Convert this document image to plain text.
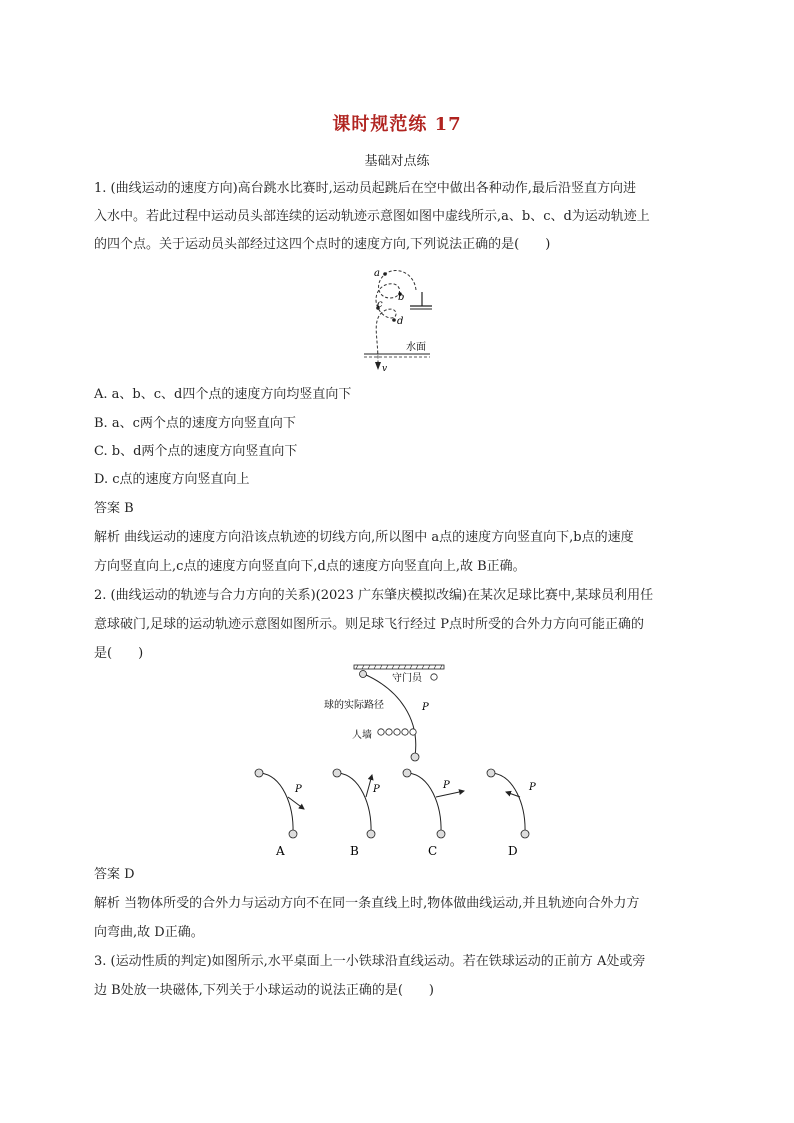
课时规范练 17
基础对点练
1. (曲线运动的速度方向)高台跳水比赛时,运动员起跳后在空中做出各种动作,最后沿竖直方向进
入水中。若此过程中运动员头部连续的运动轨迹示意图如图中虚线所示,a、b、c、d为运动轨迹上
的四个点。关于运动员头部经过这四个点时的速度方向,下列说法正确的是(　　)
a
b
c
d
水面
v
A. a、b、c、d四个点的速度方向均竖直向下
B. a、c两个点的速度方向竖直向下
C. b、d两个点的速度方向竖直向下
D. c点的速度方向竖直向上
答案 B
解析 曲线运动的速度方向沿该点轨迹的切线方向,所以图中 a点的速度方向竖直向下,b点的速度
方向竖直向上,c点的速度方向竖直向下,d点的速度方向竖直向上,故 B正确。
2. (曲线运动的轨迹与合力方向的关系)(2023 广东肇庆模拟改编)在某次足球比赛中,某球员利用任
意球破门,足球的运动轨迹示意图如图所示。则足球飞行经过 P点时所受的合外力方向可能正确的
是(　　)
守门员
球的实际路径	P
人墙
P
A
P
B
P
C
P
D
答案 D
解析 当物体所受的合外力与运动方向不在同一条直线上时,物体做曲线运动,并且轨迹向合外力方
向弯曲,故 D正确。
3. (运动性质的判定)如图所示,水平桌面上一小铁球沿直线运动。若在铁球运动的正前方 A处或旁
边 B处放一块磁体,下列关于小球运动的说法正确的是(　　)
